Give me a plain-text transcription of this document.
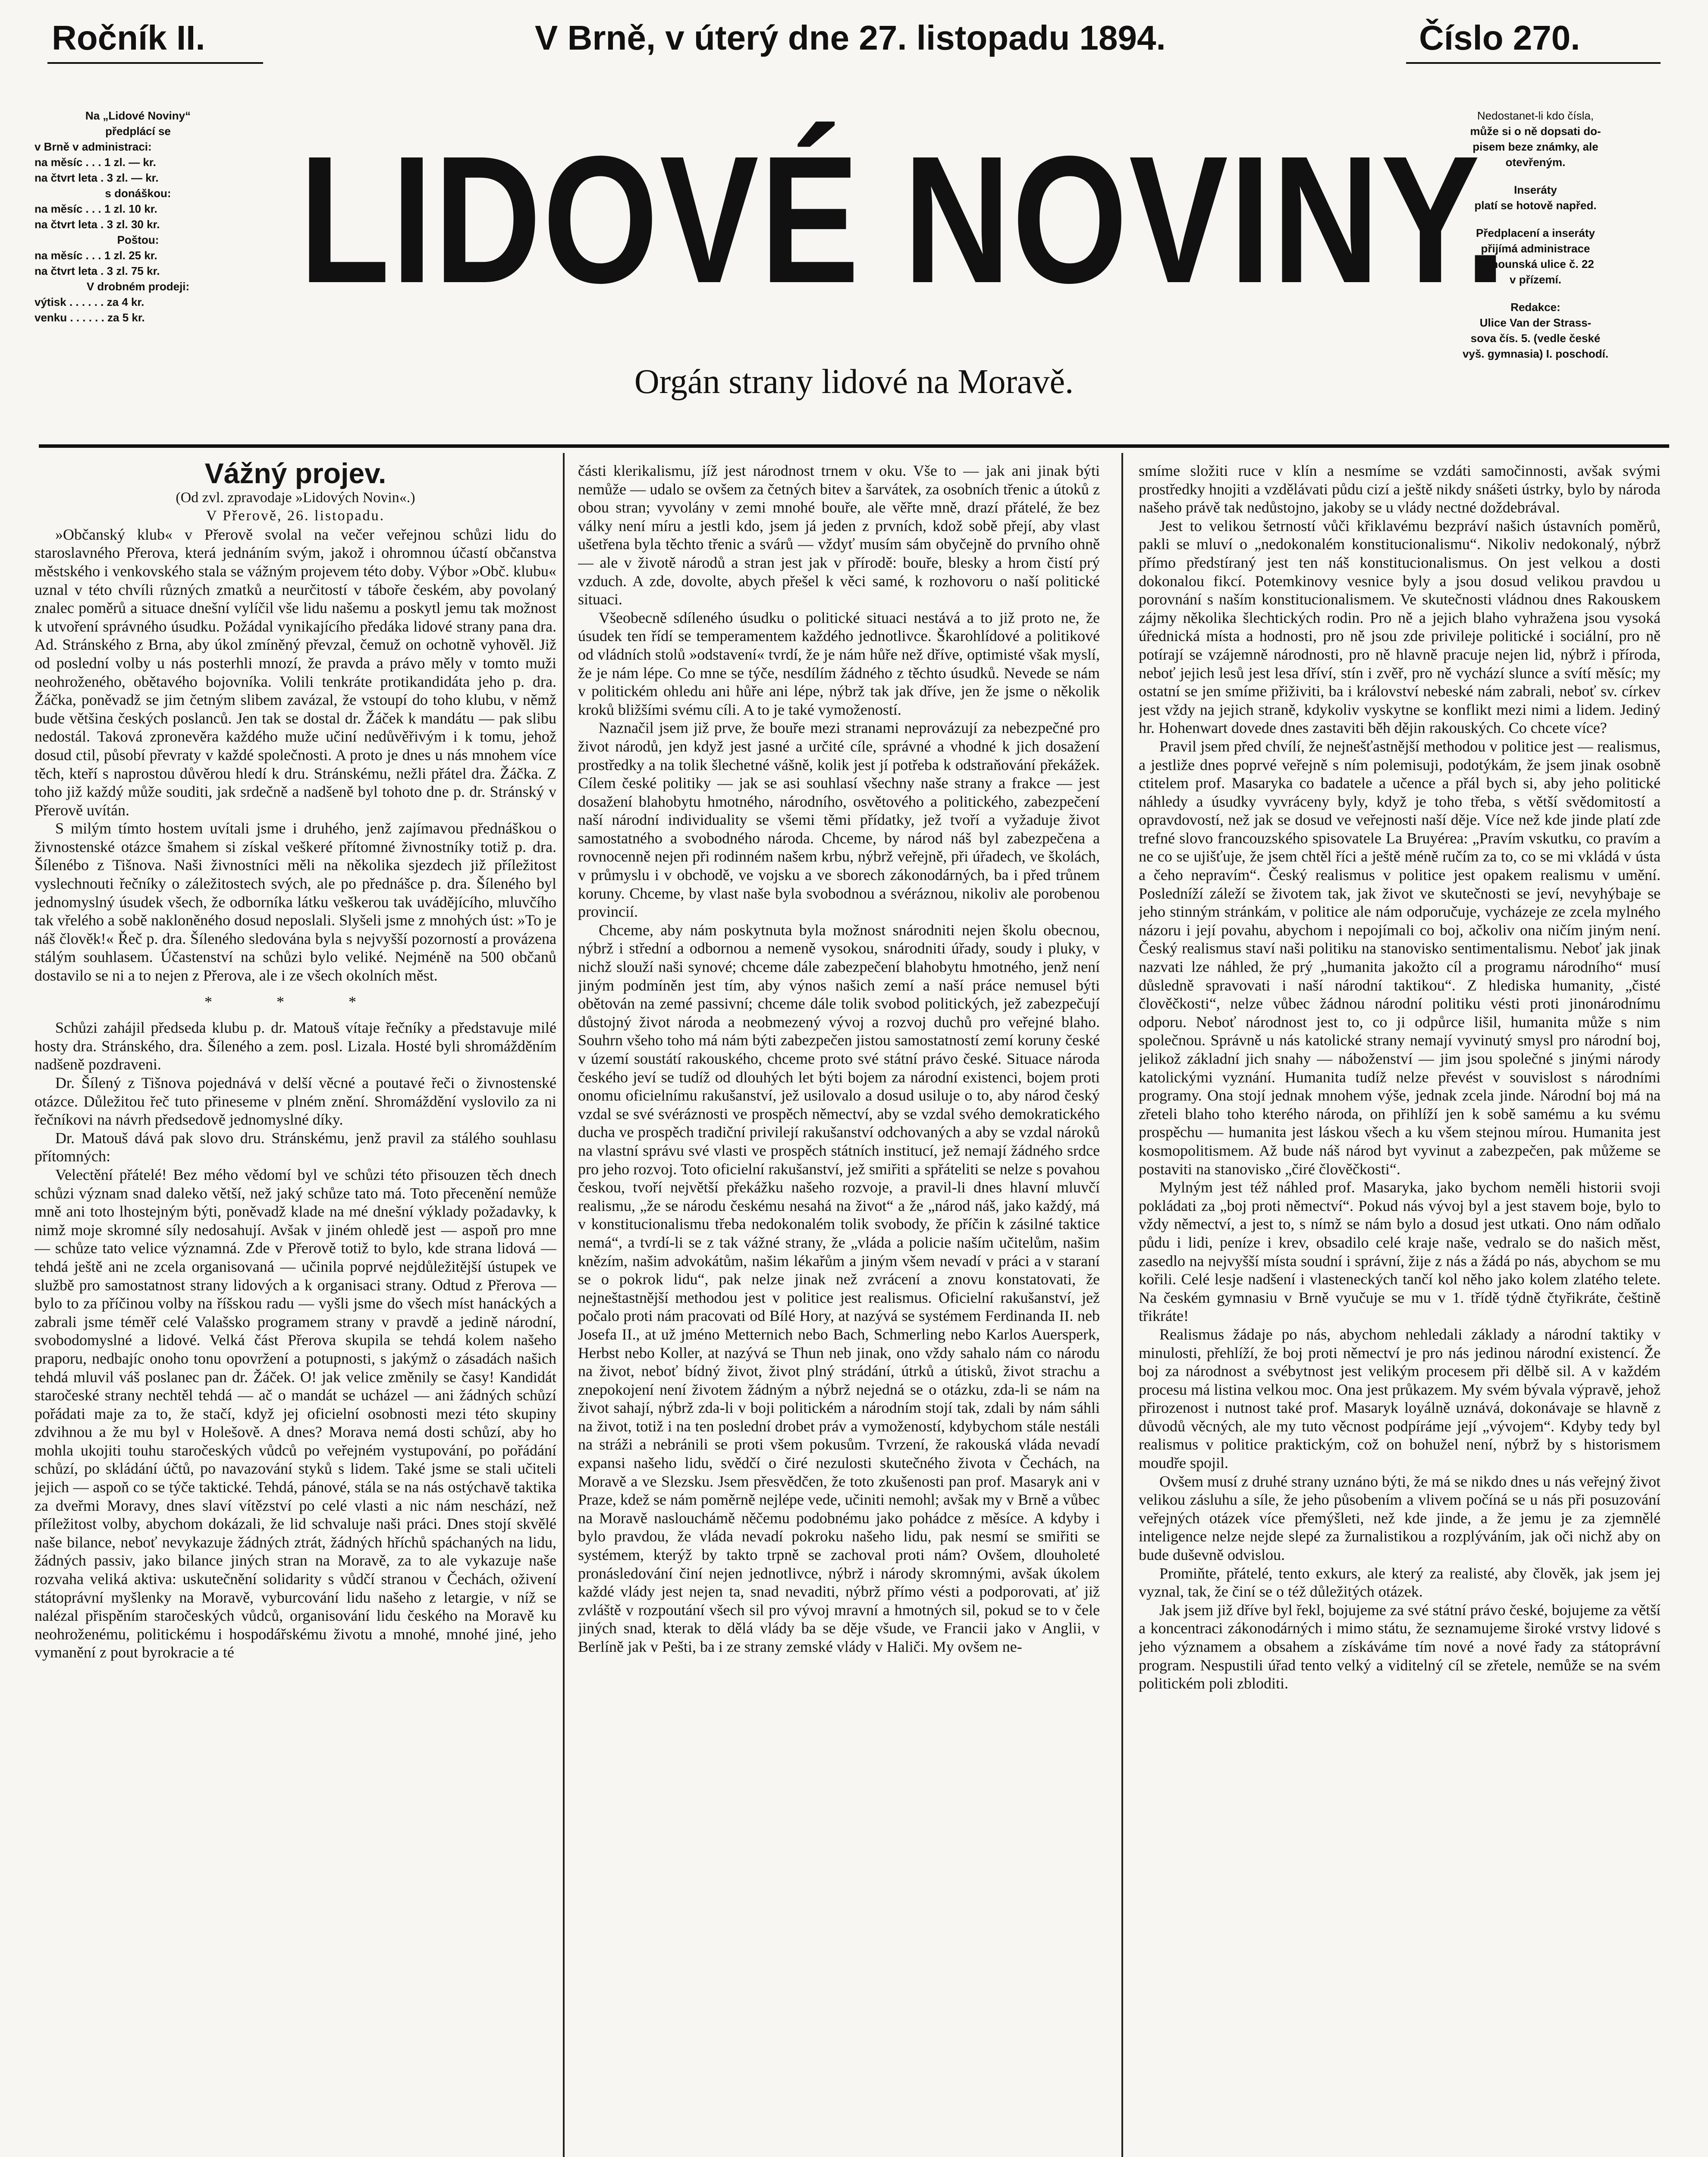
Ročník II.	V Brně, v úterý dne 27. listopadu 1894.	Číslo 270.
Na „Lidové Noviny“
předplácí se
v Brně v administraci:
na měsíc . . . 1 zl. — kr.
na čtvrt leta . 3 zl. — kr.
s donáškou:
na měsíc . . . 1 zl. 10 kr.
na čtvrt leta . 3 zl. 30 kr.
Poštou:
na měsíc . . . 1 zl. 25 kr.
na čtvrt leta . 3 zl. 75 kr.
V drobném prodeji:
výtisk . . . . . . za 4 kr.
venku . . . . . . za 5 kr. LIDOVÉ NOVINY.
Orgán strany lidové na Moravě.
Nedostanet-li kdo čísla,
může si o ně dopsati do-
pisem beze známky, ale
otevřeným.
Inseráty
platí se hotově napřed.
Předplacení a inseráty
přijímá administrace
Běhounská ulice č. 22
v přízemí.
Redakce:
Ulice Van der Strass-
sova čís. 5. (vedle české
vyš. gymnasia) I. poschodí.
Vážný projev.

(Od zvl. zpravodaje »Lidových Novin«.)

V Přerově, 26. listopadu.

»Občanský klub« v Přerově svolal na večer veřejnou schůzi lidu do staroslavného Přerova, která jednáním svým, jakož i ohromnou účastí občanstva městského i venkovského stala se vážným projevem této doby. Výbor »Obč. klubu« uznal v této chvíli různých zmatků a neurčitostí v táboře českém, aby povolaný znalec poměrů a situace dnešní vylíčil vše lidu našemu a poskytl jemu tak možnost k utvoření správného úsudku. Požádal vynikajícího předáka lidové strany pana dra. Ad. Stránského z Brna, aby úkol zmíněný převzal, čemuž on ochotně vyhověl. Již od poslední volby u nás posterhli mnozí, že pravda a právo měly v tomto muži neohroženého, obětavého bojovníka. Volili tenkráte protikandidáta jeho p. dra. Žáčka, poněvadž se jim četným slibem zavázal, že vstoupí do toho klubu, v němž bude většina českých poslanců. Jen tak se dostal dr. Žáček k mandátu — pak slibu nedostál. Taková zpronevěra každého muže učiní nedůvěřivým i k tomu, jehož dosud ctil, působí převraty v každé společnosti. A proto je dnes u nás mnohem více těch, kteří s naprostou důvěrou hledí k dru. Stránskému, nežli přátel dra. Žáčka. Z toho již každý může souditi, jak srdečně a nadšeně byl tohoto dne p. dr. Stránský v Přerově uvítán.

S milým tímto hostem uvítali jsme i druhého, jenž zajímavou přednáškou o živnostenské otázce šmahem si získal veškeré přítomné živnostníky totiž p. dra. Šílenébo z Tišnova. Naši živnostníci měli na několika sjezdech již příležitost vyslechnouti řečníky o záležitostech svých, ale po přednášce p. dra. Šíleného byl jednomyslný úsudek všech, že odborníka látku veškerou tak uvádějícího, mluvčího tak vřelého a sobě nakloněného dosud neposlali. Slyšeli jsme z mnohých úst: »To je náš člověk!« Řeč p. dra. Šíleného sledována byla s nejvyšší pozorností a provázena stálým souhlasem. Účastenství na schůzi bylo veliké. Nejméně na 500 občanů dostavilo se ni a to nejen z Přerova, ale i ze všech okolních měst.

* * *

Schůzi zahájil předseda klubu p. dr. Matouš vítaje řečníky a představuje milé hosty dra. Stránského, dra. Šíleného a zem. posl. Lizala. Hosté byli shromážděním nadšeně pozdraveni.

Dr. Šílený z Tišnova pojednává v delší věcné a poutavé řeči o živnostenské otázce. Důležitou řeč tuto přineseme v plném znění. Shromáždění vyslovilo za ni řečníkovi na návrh předsedově jednomyslné díky.

Dr. Matouš dává pak slovo dru. Stránskému, jenž pravil za stálého souhlasu přítomných:

Velectění přátelé! Bez mého vědomí byl ve schůzi této přisouzen těch dnech schůzi význam snad daleko větší, než jaký schůze tato má. Toto přecenění nemůže mně ani toto lhostejným býti, poněvadž klade na mé dnešní výklady požadavky, k nimž moje skromné síly nedosahují. Avšak v jiném ohledě jest — aspoň pro mne — schůze tato velice významná. Zde v Přerově totiž to bylo, kde strana lidová — tehdá ještě ani ne zcela organisovaná — učinila poprvé nejdůležitější ústupek ve službě pro samostatnost strany lidových a k organisaci strany. Odtud z Přerova — bylo to za příčinou volby na říšskou radu — vyšli jsme do všech míst hanáckých a zabrali jsme téměř celé Valašsko programem strany v pravdě a jedině národní, svobodomyslné a lidové. Velká část Přerova skupila se tehdá kolem našeho praporu, nedbajíc onoho tonu opovržení a potupnosti, s jakýmž o zásadách našich tehdá mluvil váš poslanec pan dr. Žáček. O! jak velice změnily se časy! Kandidát staročeské strany nechtěl tehdá — ač o mandát se ucházel — ani žádných schůzí pořádati maje za to, že stačí, když jej oficielní osobnosti mezi této skupiny zdvihnou a že mu byl v Holešově. A dnes? Morava nemá dosti schůzí, aby ho mohla ukojiti touhu staročeských vůdců po veřejném vystupování, po pořádání schůzí, po skládání účtů, po navazování styků s lidem. Také jsme se stali učiteli jejich — aspoň co se týče taktické. Tehdá, pánové, stála se na nás ostýchavě taktika za dveřmi Moravy, dnes slaví vítězství po celé vlasti a nic nám neschází, než příležitost volby, abychom dokázali, že lid schvaluje naši práci. Dnes stojí skvělé naše bilance, neboť nevykazuje žádných ztrát, žádných hříchů spáchaných na lidu, žádných passiv, jako bilance jiných stran na Moravě, za to ale vykazuje naše rozvaha veliká aktiva: uskutečnění solidarity s vůdčí stranou v Čechách, oživení státoprávní myšlenky na Moravě, vyburcování lidu našeho z letargie, v níž se nalézal přispěním staročeských vůdců, organisování lidu českého na Moravě ku neohroženému, politickému i hospodářskému životu a mnohé, mnohé jiné, jeho vymanění z pout byrokracie a té

části klerikalismu, jíž jest národnost trnem v oku. Vše to — jak ani jinak býti nemůže — udalo se ovšem za četných bitev a šarvátek, za osobních třenic a útoků z obou stran; vyvolány v zemi mnohé bouře, ale věřte mně, drazí přátelé, že bez války není míru a jestli kdo, jsem já jeden z prvních, kdož sobě přejí, aby vlast ušetřena byla těchto třenic a svárů — vždyť musím sám obyčejně do prvního ohně — ale v životě národů a stran jest jak v přírodě: bouře, blesky a hrom čistí prý vzduch. A zde, dovolte, abych přešel k věci samé, k rozhovoru o naší politické situaci.

Všeobecně sdíleného úsudku o politické situaci nestává a to již proto ne, že úsudek ten řídí se temperamentem každého jednotlivce. Škarohlídové a politikové od vládních stolů »odstavení« tvrdí, že je nám hůře než dříve, optimisté však myslí, že je nám lépe. Co mne se týče, nesdílím žádného z těchto úsudků. Nevede se nám v politickém ohledu ani hůře ani lépe, nýbrž tak jak dříve, jen že jsme o několik kroků bližšími svému cíli. A to je také vymožeností.

Naznačil jsem již prve, že bouře mezi stranami neprovázují za nebezpečné pro život národů, jen když jest jasné a určité cíle, správné a vhodné k jich dosažení prostředky a na tolik šlechetné vášně, kolik jest jí potřeba k odstraňování překážek. Cílem české politiky — jak se asi souhlasí všechny naše strany a frakce — jest dosažení blahobytu hmotného, národního, osvětového a politického, zabezpečení naší národní individuality se všemi těmi přídatky, jež tvoří a vyžaduje život samostatného a svobodného národa. Chceme, by národ náš byl zabezpečena a rovnocenně nejen při rodinném našem krbu, nýbrž veřejně, při úřadech, ve školách, v průmyslu i v obchodě, ve vojsku a ve sborech zákonodárných, ba i před trůnem koruny. Chceme, by vlast naše byla svobodnou a svéráznou, nikoliv ale porobenou provincií.

Chceme, aby nám poskytnuta byla možnost snárodniti nejen školu obecnou, nýbrž i střední a odbornou a nemeně vysokou, snárodniti úřady, soudy i pluky, v nichž slouží naši synové; chceme dále zabezpečení blahobytu hmotného, jenž není jiným podmíněn jest tím, aby výnos našich zemí a naší práce nemusel býti obětován na zemé passivní; chceme dále tolik svobod politických, jež zabezpečují důstojný život národa a neobmezený vývoj a rozvoj duchů pro veřejné blaho. Souhrn všeho toho má nám býti zabezpečen jistou samostatností zemí koruny české v území soustátí rakouského, chceme proto své státní právo české. Situace národa českého jeví se tudíž od dlouhých let býti bojem za národní existenci, bojem proti onomu oficielnímu rakušanství, jež usilovalo a dosud usiluje o to, aby národ český vzdal se své svéráznosti ve prospěch němectví, aby se vzdal svého demokratického ducha ve prospěch tradiční privilejí rakušanství odchovaných a aby se vzdal nároků na vlastní správu své vlasti ve prospěch státních institucí, jež nemají žádného srdce pro jeho rozvoj. Toto oficielní rakušanství, jež smiřiti a spřáteliti se nelze s povahou českou, tvoří největší překážku našeho rozvoje, a pravil-li dnes hlavní mluvčí realismu, „že se národu českému nesahá na život“ a že „národ náš, jako každý, má v konstitucionalismu třeba nedokonalém tolik svobody, že příčin k zásilné taktice nemá“, a tvrdí-li se z tak vážné strany, že „vláda a policie naším učitelům, našim knězím, našim advokátům, našim lékařům a jiným všem nevadí v práci a v staraní se o pokrok lidu“, pak nelze jinak než zvrácení a znovu konstatovati, že nejneštastnější methodou jest v politice jest realismus. Oficielní rakušanství, jež počalo proti nám pracovati od Bílé Hory, at nazývá se systémem Ferdinanda II. neb Josefa II., at už jméno Metternich nebo Bach, Schmerling nebo Karlos Auersperk, Herbst nebo Koller, at nazývá se Thun neb jinak, ono vždy sahalo nám co národu na život, neboť bídný život, život plný strádání, útrků a útisků, život strachu a znepokojení není životem žádným a nýbrž nejedná se o otázku, zda-li se nám na život sahají, nýbrž zda-li v boji politickém a národním stojí tak, zdali by nám sáhli na život, totiž i na ten poslední drobet práv a vymožeností, kdybychom stále nestáli na stráži a nebránili se proti všem pokusům. Tvrzení, že rakouská vláda nevadí expansi našeho lidu, svědčí o čiré nezulosti skutečného života v Čechách, na Moravě a ve Slezsku. Jsem přesvědčen, že toto zkušenosti pan prof. Masaryk ani v Praze, kdež se nám poměrně nejlépe vede, učiniti nemohl; avšak my v Brně a vůbec na Moravě naslouchámě něčemu podobnému jako pohádce z měsíce. A kdyby i bylo pravdou, že vláda nevadí pokroku našeho lidu, pak nesmí se smiřiti se systémem, kterýž by takto trpně se zachoval proti nám? Ovšem, dlouholeté pronásledování činí nejen jednotlivce, nýbrž i národy skromnými, avšak úkolem každé vlády jest nejen ta, snad nevaditi, nýbrž přímo vésti a podporovati, ať již zvláště v rozpoutání všech sil pro vývoj mravní a hmotných sil, pokud se to v čele jiných snad, kterak to dělá vlády ba se děje všude, ve Francii jako v Anglii, v Berlíně jak v Pešti, ba i ze strany zemské vlády v Haliči. My ovšem ne-

smíme složiti ruce v klín a nesmíme se vzdáti samočinnosti, avšak svými prostředky hnojiti a vzdělávati půdu cizí a ještě nikdy snášeti ústrky, bylo by národa našeho právě tak nedůstojno, jakoby se u vlády nectné doždebrával.

Jest to velikou šetrností vůči křiklavému bezpráví našich ústavních poměrů, pakli se mluví o „nedokonalém konstitucionalismu“. Nikoliv nedokonalý, nýbrž přímo předstíraný jest ten náš konstitucionalismus. On jest velkou a dosti dokonalou fikcí. Potemkinovy vesnice byly a jsou dosud velikou pravdou u porovnání s naším konstitucionalismem. Ve skutečnosti vládnou dnes Rakouskem zájmy několika šlechtických rodin. Pro ně a jejich blaho vyhražena jsou vysoká úřednická místa a hodnosti, pro ně jsou zde privileje politické i sociální, pro ně potírají se vzájemně národnosti, pro ně hlavně pracuje nejen lid, nýbrž i příroda, neboť jejich lesů jest lesa dříví, stín i zvěř, pro ně vychází slunce a svítí měsíc; my ostatní se jen smíme přiživiti, ba i království nebeské nám zabrali, neboť sv. církev jest vždy na jejich straně, kdykoliv vyskytne se konflikt mezi nimi a lidem. Jediný hr. Hohenwart dovede dnes zastaviti běh dějin rakouských. Co chcete více?

Pravil jsem před chvílí, že nejnešťastnější methodou v politice jest — realismus, a jestliže dnes poprvé veřejně s ním polemisuji, podotýkám, že jsem jinak osobně ctitelem prof. Masaryka co badatele a učence a přál bych si, aby jeho politické náhledy a úsudky vyvráceny byly, když je toho třeba, s větší svědomitostí a opravdovostí, než jak se dosud ve veřejnosti naší děje. Více než kde jinde platí zde trefné slovo francouzského spisovatele La Bruyérea: „Pravím vskutku, co pravím a ne co se ujišťuje, že jsem chtěl říci a ještě méně ručím za to, co se mi vkládá v ústa a čeho nepravím“. Český realismus v politice jest opakem realismu v umění. Posledníží záleží se životem tak, jak život ve skutečnosti se jeví, nevyhýbaje se jeho stinným stránkám, v politice ale nám odporučuje, vycházeje ze zcela mylného názoru i její povahu, abychom i nepojímali co boj, ačkoliv ona ničím jiným není. Český realismus staví naši politiku na stanovisko sentimentalismu. Neboť jak jinak nazvati lze náhled, že prý „humanita jakožto cíl a programu národního“ musí důsledně spravovati i naší národní taktikou“. Z hlediska humanity, „čisté člověčkosti“, nelze vůbec žádnou národní politiku vésti proti jinonárodnímu odporu. Neboť národnost jest to, co ji odpůrce lišil, humanita může s nim společnou. Správně u nás katolické strany nemají vyvinutý smysl pro národní boj, jelikož základní jich snahy — náboženství — jim jsou společné s jinými národy katolickými vyznání. Humanita tudíž nelze převést v souvislost s národními programy. Ona stojí jednak mnohem výše, jednak zcela jinde. Národní boj má na zřeteli blaho toho kterého národa, on přihlíží jen k sobě samému a ku svému prospěchu — humanita jest láskou všech a ku všem stejnou mírou. Humanita jest kosmopolitismem. Až bude náš národ byt vyvinut a zabezpečen, pak můžeme se postaviti na stanovisko „čiré člověčkosti“.

Mylným jest též náhled prof. Masaryka, jako bychom neměli historii svoji pokládati za „boj proti němectví“. Pokud nás vývoj byl a jest stavem boje, bylo to vždy němectví, a jest to, s nímž se nám bylo a dosud jest utkati. Ono nám odňalo půdu i lidi, peníze i krev, obsadilo celé kraje naše, vedralo se do našich měst, zasedlo na nejvyšší místa soudní i správní, žije z nás a žádá po nás, abychom se mu kořili. Celé lesje nadšení i vlasteneckých tančí kol něho jako kolem zlatého telete. Na českém gymnasiu v Brně vyučuje se mu v 1. třídě týdně čtyřikráte, češtině třikráte!

Realismus žádaje po nás, abychom nehledali základy a národní taktiky v minulosti, přehlíží, že boj proti němectví je pro nás jedinou národní existencí. Že boj za národnost a svébytnost jest velikým procesem při dělbě sil. A v každém procesu má listina velkou moc. Ona jest průkazem. My svém bývala výpravě, jehož přirozenost i nutnost také prof. Masaryk loyálně uznává, dokonávaje se hlavně z důvodů věcných, ale my tuto věcnost podpíráme její „vývojem“. Kdyby tedy byl realismus v politice praktickým, což on bohužel není, nýbrž by s historismem moudře spojil.

Ovšem musí z druhé strany uznáno býti, že má se nikdo dnes u nás veřejný život velikou zásluhu a síle, že jeho působením a vlivem počíná se u nás při posuzování veřejných otázek více přemýšleti, než kde jinde, a že jemu je za zjemnělé inteligence nelze nejde slepé za žurnalistikou a rozplýváním, jak oči nichž aby on bude duševně odvislou.

Promiňte, přátelé, tento exkurs, ale který za realisté, aby člověk, jak jsem jej vyznal, tak, že činí se o též důležitých otázek.

Jak jsem již dříve byl řekl, bojujeme za své státní právo české, bojujeme za větší a koncentraci zákonodárných i mimo státu, že seznamujeme široké vrstvy lidové s jeho významem a obsahem a získáváme tím nové a nové řady za státoprávní program. Nespustili úřad tento velký a viditelný cíl se zřetele, nemůže se na svém politickém poli zbloditi.
